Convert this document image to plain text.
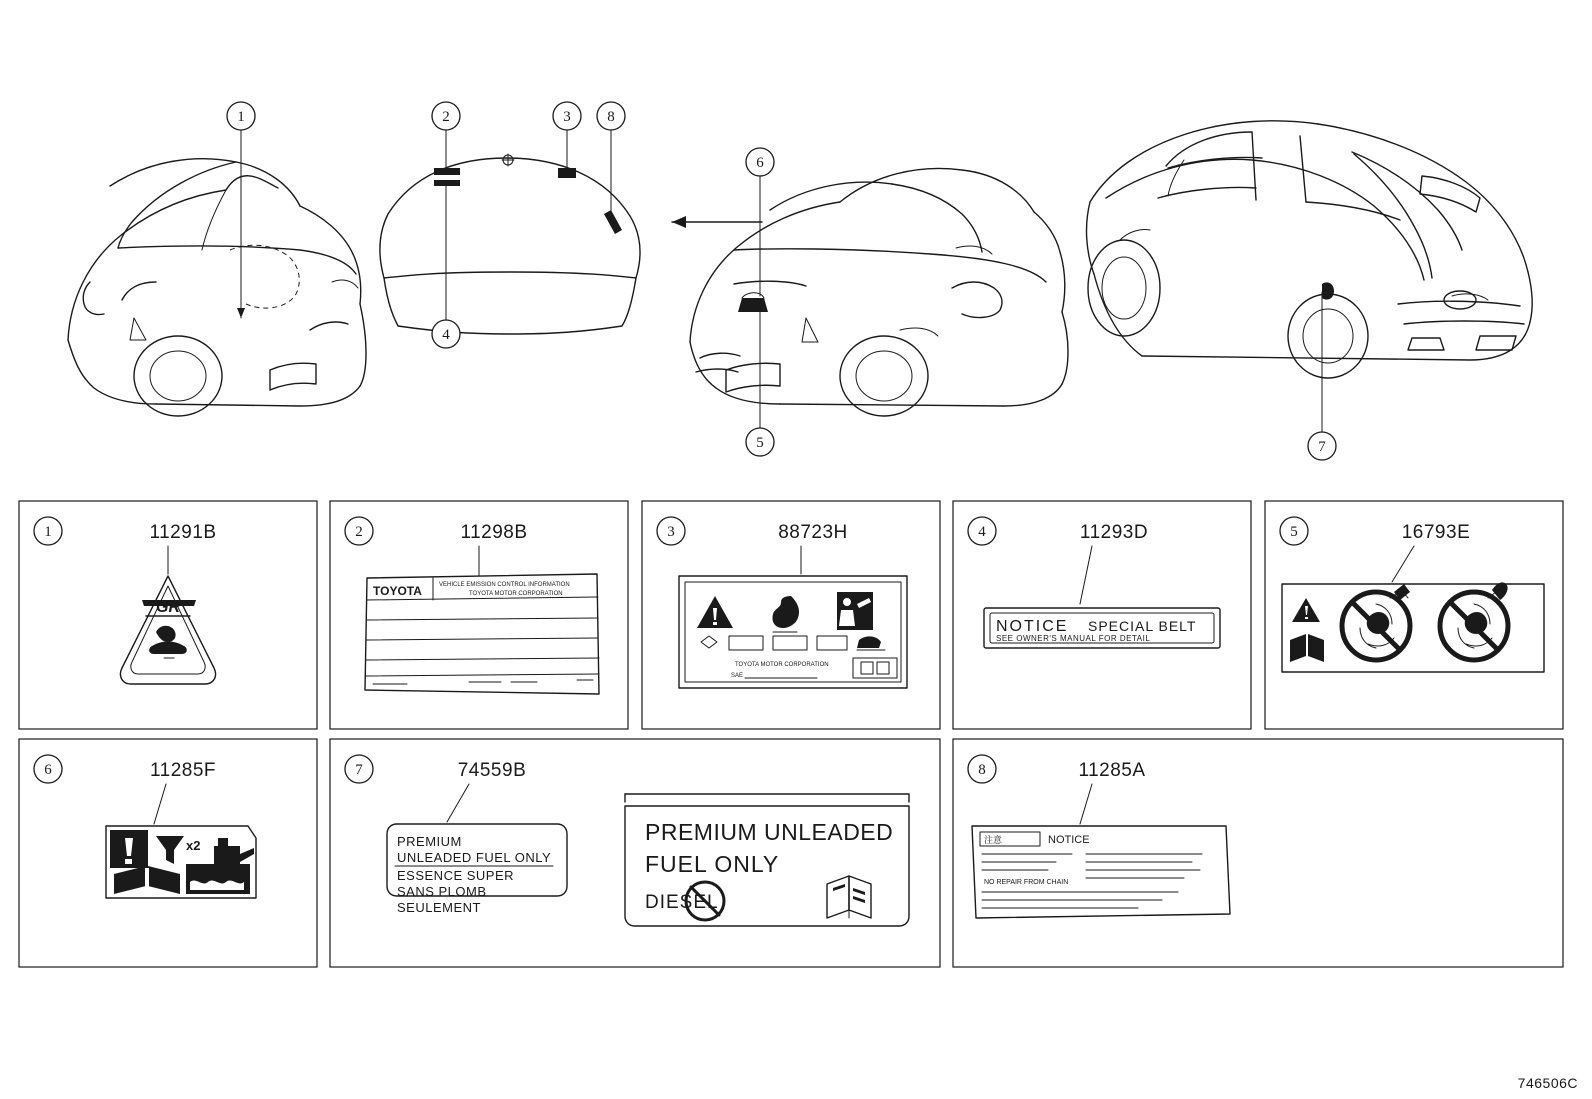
1	2	3 8
4
6
5	7
1	11291B
GR
2	11298B
TOYOTA	VEHICLE EMISSION CONTROL INFORMATION
TOYOTA MOTOR CORPORATION
3	88723H
TOYOTA MOTOR CORPORATION
SAE
4	11293D
NOTICE SPECIAL BELT
SEE OWNER'S MANUAL FOR DETAIL
5	16793E
6	11285F
x2
7	74559B
PREMIUM
UNLEADED FUEL ONLY
ESSENCE SUPER
SANS PLOMB
SEULEMENT
PREMIUM UNLEADED
FUEL ONLY
DIESEL
8	11285A
注意	NOTICE
NO REPAIR FROM CHAIN
746506C
